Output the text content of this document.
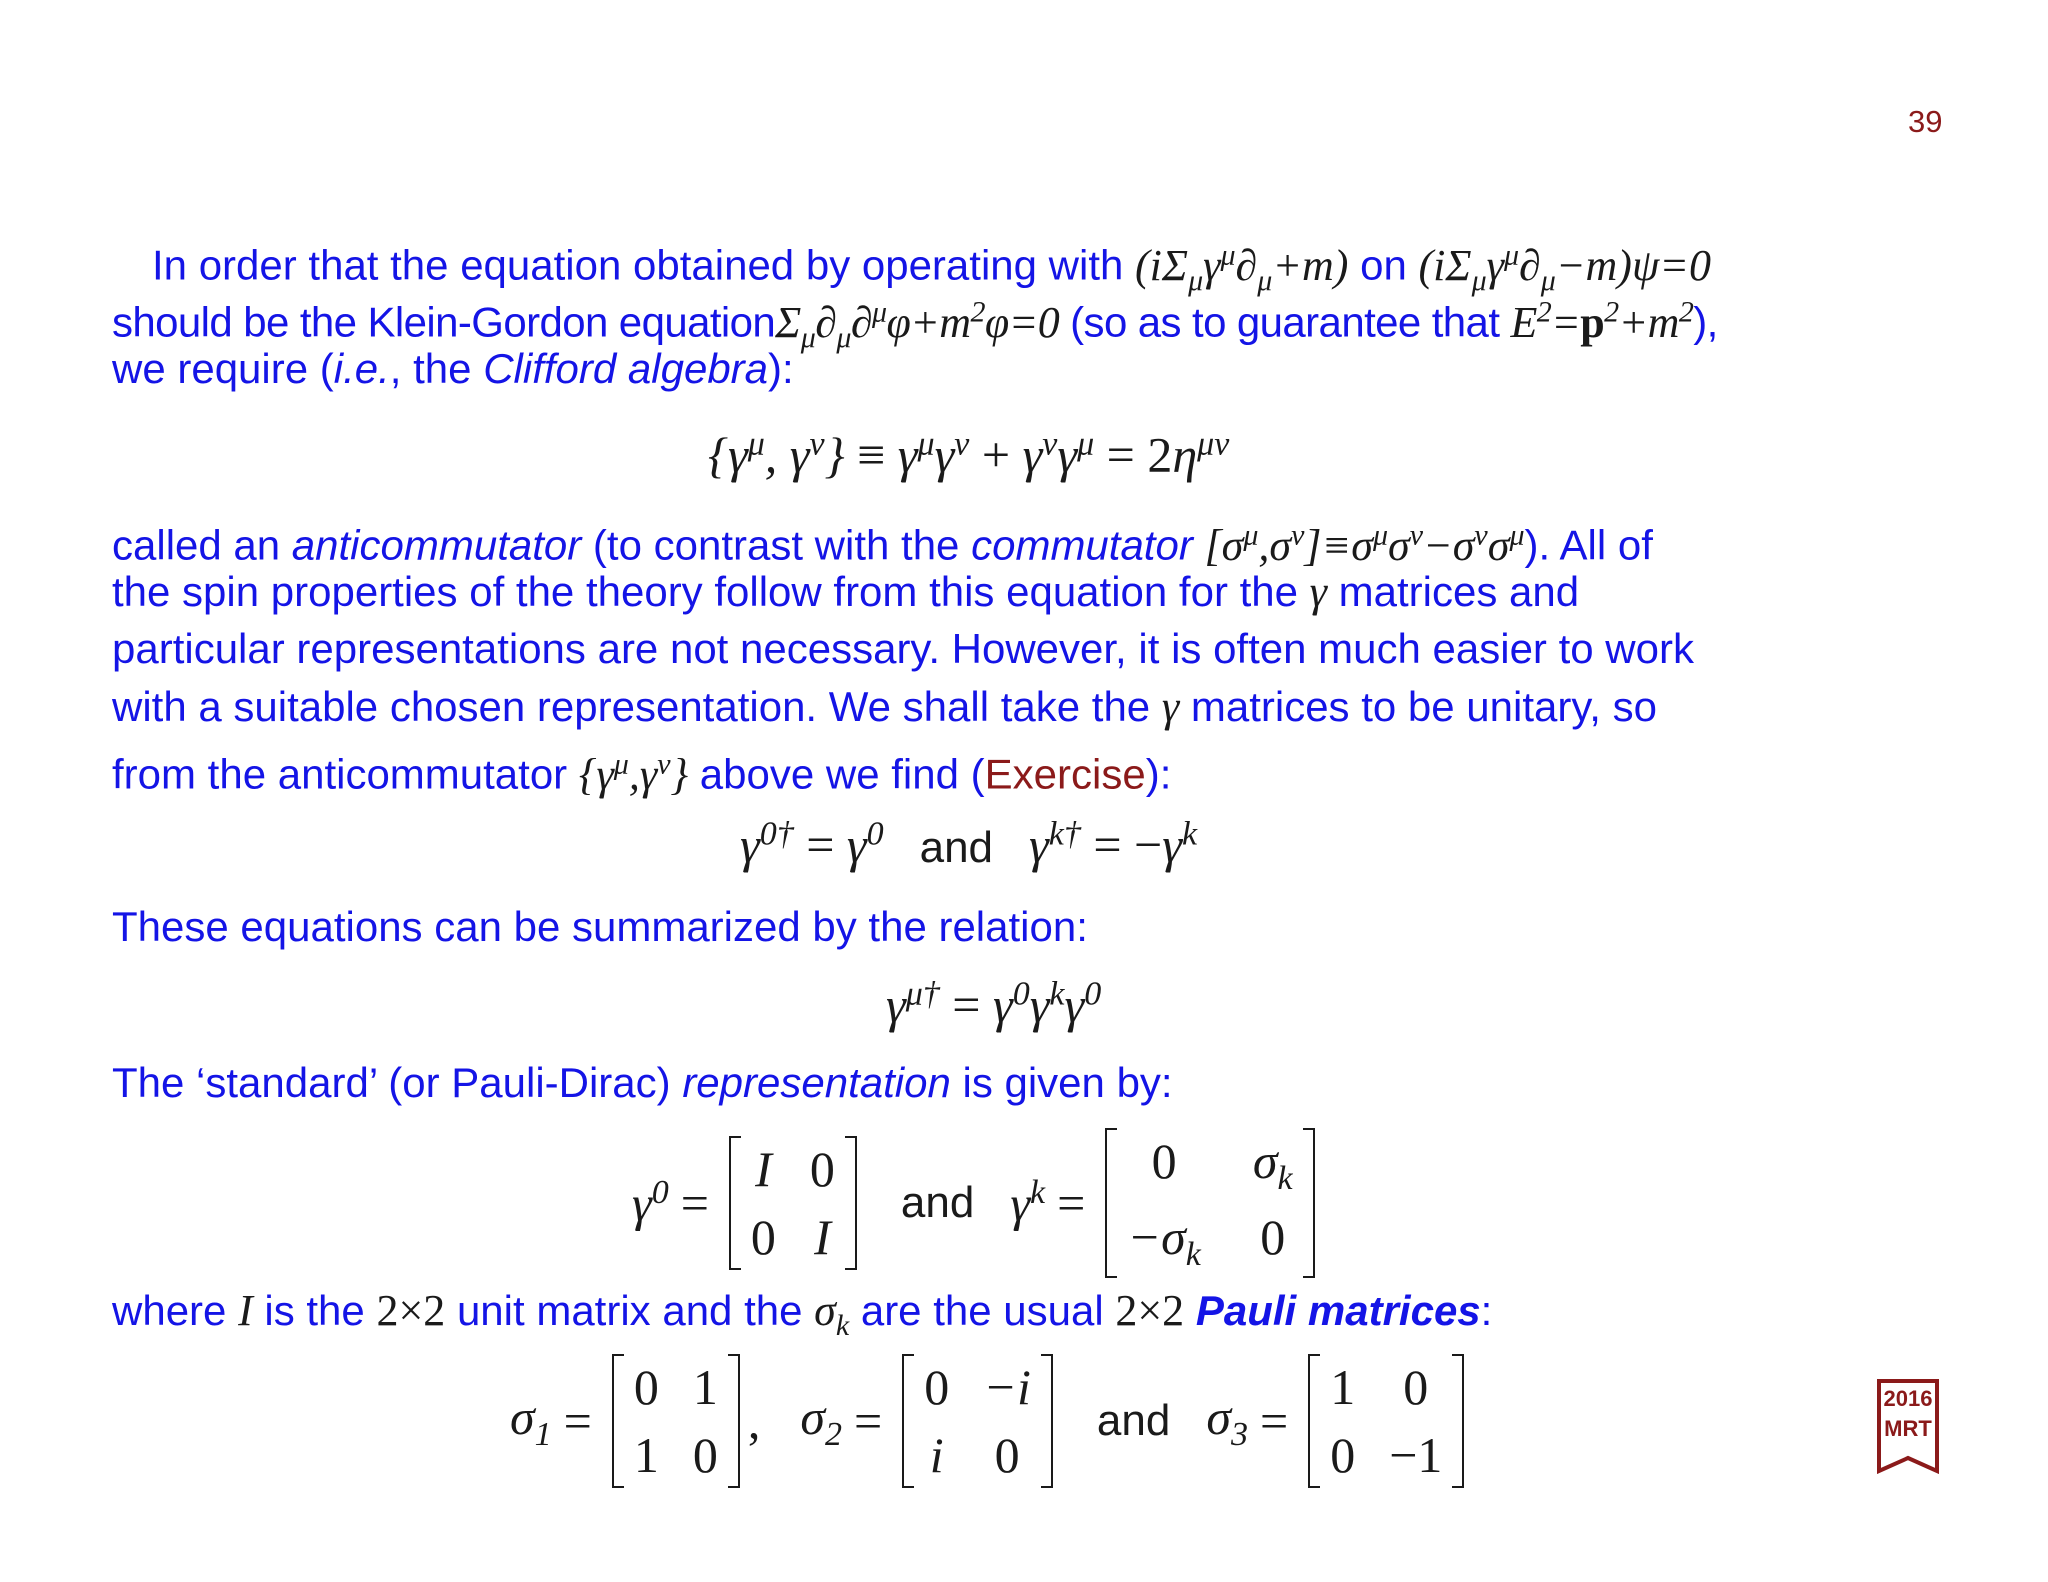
39
In order that the equation obtained by operating with $(i\Sigma_\mu\gamma^\mu\partial_\mu+m)$ on $(i\Sigma_\mu\gamma^\mu\partial_\mu-m)\psi=0$
should be the Klein-Gordon $equation\Sigma_\mu\partial_\mu\partial^\mu\varphi+m^2\varphi=0$ (so as to guarantee that $E^2=p^2+m^2$),
we require (i.e., the Clifford algebra):
{$\gamma^\mu$, $\gamma^\nu\} \equiv \gamma^\mu\gamma^\nu + \gamma^\nu\gamma^\mu = 2\eta^{\mu\nu}$
called an anticommutator (to contrast with the commutator $[\sigma^\mu,\sigma^\nu]\equiv\sigma^\mu\sigma^\nu-\sigma^\nu\sigma^\mu$). All of
the spin properties of the theory follow from this equation for the γ matrices and
particular representations are not necessary. However, it is often much easier to work
with a suitable chosen representation. We shall take the γ matrices to be unitary, so
from the anticommutator $\{\gamma^\mu,\gamma^\nu\}$ above we find (Exercise):
$\gamma^{0\dagger} = \gamma^0$ and $\gamma^{k\dagger} = -\gamma^k$
These equations can be summarized by the relation:
$\gamma^{\mu\dagger} = \gamma^0\gamma^k\gamma^0$
The ‘standard’ (or Pauli-Dirac) representation is given by:
$\gamma^0$ =
I 0
0 I
and $\gamma^k$ =
0	$\sigma_k$
$-\sigma_k$ 0
where I is the 2×2 unit matrix and the $\sigma_k$ are the usual 2×2 Pauli matrices:
$\sigma_1$ =
0 1
1 0
, $\sigma_2$ =
0 −i
i 0
and $\sigma_3$ =
1 0
0 −1
2016
MRT
